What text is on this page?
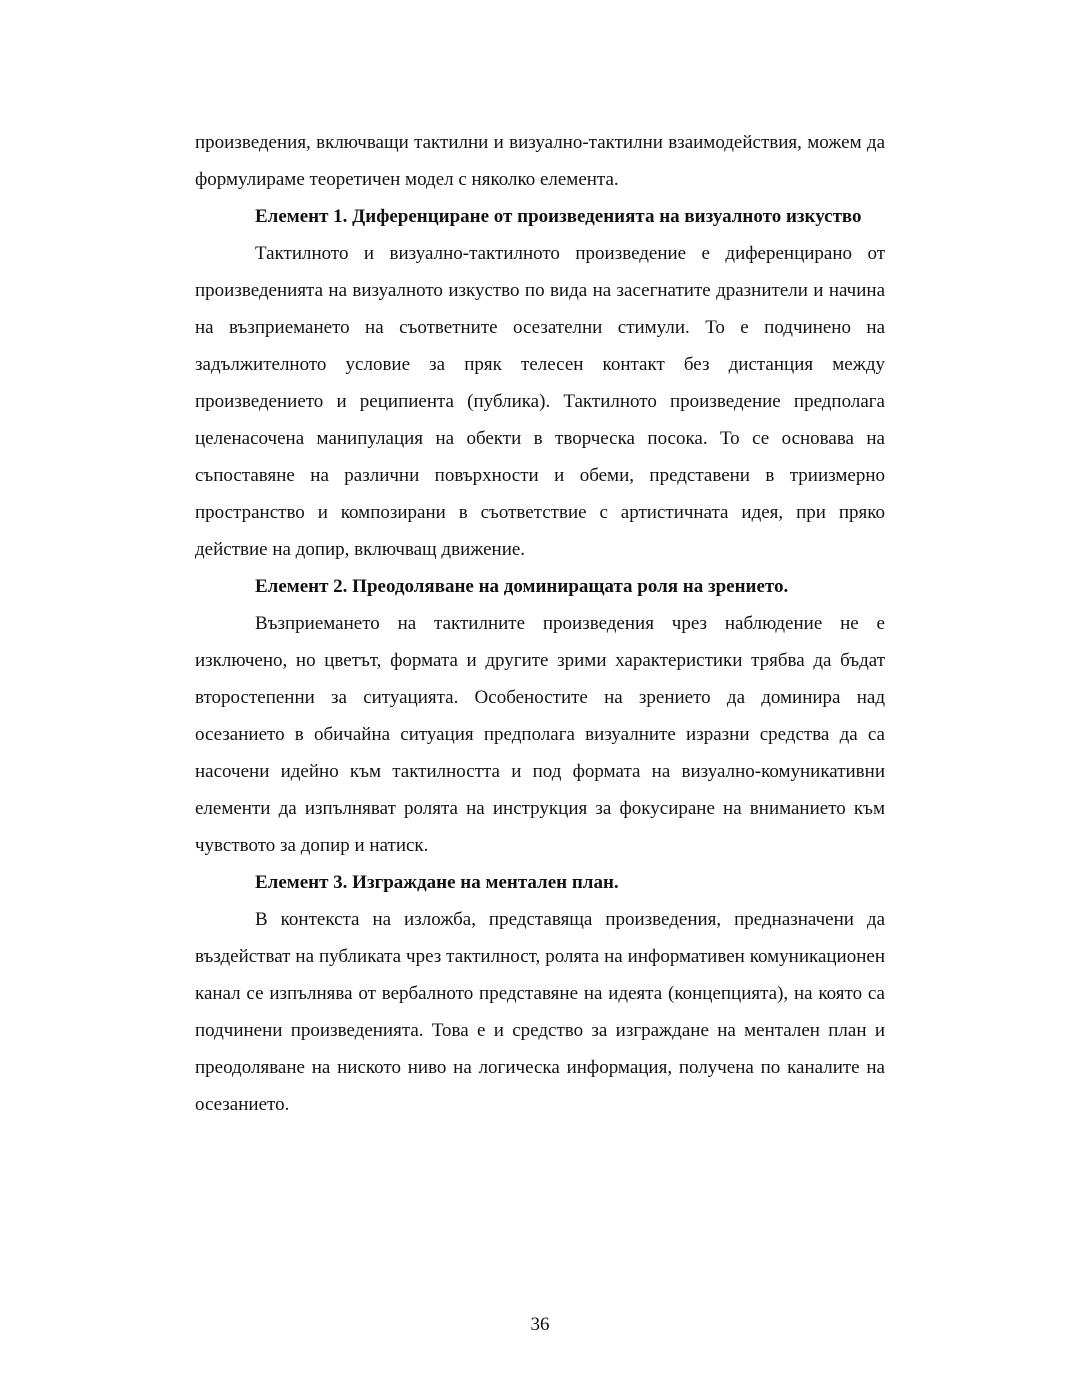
произведения, включващи тактилни и визуално-тактилни взаимодействия, можем да формулираме теоретичен модел с няколко елемента.

Елемент 1. Диференциране от произведенията на визуалното изкуство

Тактилното и визуално-тактилното произведение е диференцирано от произведенията на визуалното изкуство по вида на засегнатите дразнители и начина на възприемането на съответните осезателни стимули. То е подчинено на задължителното условие за пряк телесен контакт без дистанция между произведението и реципиента (публика). Тактилното произведение предполага целенасочена манипулация на обекти в творческа посока. То се основава на съпоставяне на различни повърхности и обеми, представени в триизмерно пространство и композирани в съответствие с артистичната идея, при пряко действие на допир, включващ движение.

Елемент 2. Преодоляване на доминиращата роля на зрението.

Възприемането на тактилните произведения чрез наблюдение не е изключено, но цветът, формата и другите зрими характеристики трябва да бъдат второстепенни за ситуацията. Особеностите на зрението да доминира над осезанието в обичайна ситуация предполага визуалните изразни средства да са насочени идейно към тактилността и под формата на визуално-комуникативни елементи да изпълняват ролята на инструкция за фокусиране на вниманието към чувството за допир и натиск.

Елемент 3. Изграждане на ментален план.

В контекста на изложба, представяща произведения, предназначени да въздействат на публиката чрез тактилност, ролята на информативен комуникационен канал се изпълнява от вербалното представяне на идеята (концепцията), на която са подчинени произведенията. Това е и средство за изграждане на ментален план и преодоляване на ниското ниво на логическа информация, получена по каналите на осезанието.

36
